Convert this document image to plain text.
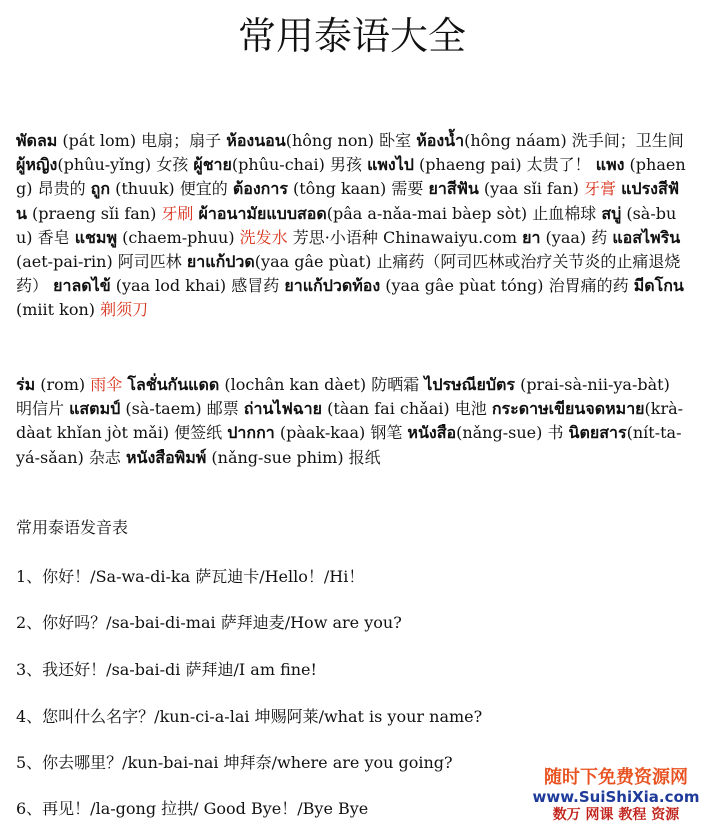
常用泰语大全
พัดลม (pát lom) 电扇；扇子 ห้องนอน(hông non) 卧室 ห้องน้ำ(hông náam) 洗手间；卫生间 ผู้หญิง(phûu-yǐng) 女孩 ผู้ชาย(phûu-chai) 男孩 แพงไป (phaeng pai) 太贵了！ แพง (phaeng) 昂贵的 ถูก (thuuk) 便宜的 ต้องการ (tông kaan) 需要 ยาสีฟัน (yaa sǐi fan) 牙膏 แปรงสีฟัน (praeng sǐi fan) 牙刷 ผ้าอนามัยแบบสอด(pâa a-nǎa-mai bàep sòt) 止血棉球 สบู่ (sà-buu) 香皂 แชมพู (chaem-phuu) 洗发水 芳思·小语种 Chinawaiyu.com ยา (yaa) 药 แอสไพริน (aet-pai-rin) 阿司匹林 ยาแก้ปวด(yaa gâe pùat) 止痛药（阿司匹林或治疗关节炎的止痛退烧药） ยาลดไข้ (yaa lod khai) 感冒药 ยาแก้ปวดท้อง (yaa gâe pùat tóng) 治胃痛的药 มีดโกน (miit kon) 剃须刀
ร่ม (rom) 雨伞 โลชั่นกันแดด (lochân kan dàet) 防晒霜 ไปรษณียบัตร (prai-sà-nii-ya-bàt) 明信片 แสตมป์ (sà-taem) 邮票 ถ่านไฟฉาย (tàan fai chǎai) 电池 กระดาษเขียนจดหมาย(krà-dàat khǐan jòt mǎi) 便签纸 ปากกา (pàak-kaa) 钢笔 หนังสือ(nǎng-sue) 书 นิตยสาร(nít-ta-yá-sǎan) 杂志 หนังสือพิมพ์ (nǎng-sue phim) 报纸
常用泰语发音表
1、你好！/Sa-wa-di-ka 萨瓦迪卡/Hello！/Hi！
2、你好吗？/sa-bai-di-mai 萨拜迪麦/How are you?
3、我还好！/sa-bai-di 萨拜迪/I am fine!
4、您叫什么名字？/kun-ci-a-lai 坤赐阿莱/what is your name?
5、你去哪里？/kun-bai-nai 坤拜奈/where are you going?
6、再见！/la-gong 拉拱/ Good Bye！/Bye Bye
随时下免费资源网
www.SuiShiXia.com
数万 网课 教程 资源
